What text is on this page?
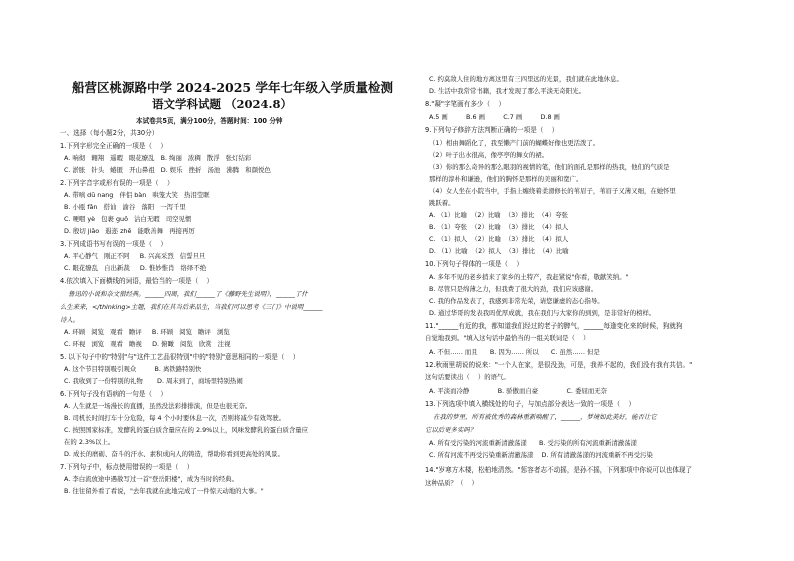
船营区桃源路中学 2024-2025 学年七年级入学质量检测
语文学科试题 （2024.8）
本试卷共5页，满分100分，答题时间：100 分钟
一、选择（每小题2分，共30分）
1.下列字形完全正确的一项是（    ）
A. 响彻   翱翔   遥暇   眼花缭乱   B. 绚丽   浓稠   散浮   张灯结彩
C. 淤胀   针头   蜷匿   开山鼻祖   D. 娱乐   挫折   汤池   沸腾   和颜悦色
2.下列字音字或形有误的一项是（    ）
A. 带嗔 dū nang   伴侣 bàn   哄笼大笑   热泪莹眶
B. 小瓯 fǎn   搭讪   渝谷   落阳   一泻千里
C. 哽咽 yè   包裹 guǒ   沾白无暇   司空见惯
D. 殷切 jiāo   遐迩 zhē   能歌善舞   再接再厉
3.下列成语书写有误的一项是（    ）
A. 平心静气   刚正不阿     B. 兴高采烈   信誓旦旦
C. 眼花缭乱   自出新裁     D. 惟妙惟肖   络绎不绝
4.依次填入下面横线的词语，最恰当的一项是（    ）
鲁迅的小说和杂文很经典。______四周，我们______了《藤野先生说明》，______了什
么生来来，</thinking>主题，我们在其当后来品生，当我们可以思考《三门》中说明______
诗人。
A. 环顾   阅览   观看   瞻评     B. 环顾   阅览   瞻评   浏览
C. 环视   浏览   观看   瞻视     D. 俯瞰   阅览   欣赏   注视
5. 以下句子中的"特别"与"这件工艺品很特别"中的"特别"意思相同的一项是（    ）
A. 这个节目特别吸引观众         B. 离铁路特别快
C. 我收到了一份特别的礼物       D. 周末到了，商场里特别热闹
6.下列句子没有语病的一句是（    ）
A. 人生就是一场漫长的直播，虽然没法彩排排演，但是也很无奈。
B. 司机长时间打车十分危险，每 4 个小时要休息一次，否则将减少有效驾驶。
C. 按照国家标准，发酵乳的蛋白质含量应在的 2.9%以上，风味发酵乳的蛋白质含量应
在的 2.3%以上。
D. 成长的磨砺、奋斗的汗水、素积成向人的铸造，帮助你看到更高处的风景。
7.下列句子中，标点使用错误的一项是（    ）
A. 李白流放途中遇赦写过一首"登岳阳楼"，成为当时的经典。
B. 往往留外看了看说，"去年我就在此地完成了一件惊天动地的大事。"
C. 约莫敌人住的地方离这里有三四里远的光景，我们就在此地休息。
D. 生活中我常常书籍，我才发现了那么平淡无奇阳光。
8."凝"字笔画有多少（    ）
A.5 画         B.6 画         C.7 画         D.8 画
9.下列句子修辞方法判断正确的一项是（    ）
（1）相由舞蹈化了，我至懒产门前的蝴蝶好像也更活泼了。
（2）叶子出水很高，像亭亭的舞女的裙。
（3）你的那么奇异的那么眼羽的视情的笔，他们的面孔是那样的热我，他们的气质是
那样的淳朴和谦逊，他们的胸怀是那样的美丽和宽广。
（4）女人坐在小院当中，手指上缠绕着柔滑修长的苇眉子，苇眉子又薄又细，在她怀里
跳跃着。
A. （1）比喻  （2）比喻  （3）排比  （4）夸张
B. （1）夸张  （2）比喻  （3）排比  （4）拟人
C. （1）拟人  （2）比喻  （3）排比  （4）拟人
D. （1）比喻  （2）拟人  （3）排比  （4）比喻
10.下列句子得体的一项是（    ）
A. 多年不见的老乡捎来了家乡的土特产，我赶紧说"你看，敬献笑纳。"
B. 尽管只是绵薄之力，但我费了很大的劲，我们应该感谢。
C. 我的作品发表了，我感到非常光荣，请您谦虚的态心指导。
D. 通过华哥的发表我吗优厚成就，我在我们与大家你的到到，是非常好的榜样。
11."______有近的我，都知道我们经过的老子的脾气，______每逢变化来的时候，狗就狗
自觉地我到。"填入这句话中最恰当的一组关联词是（    ）
A. 不但…… 而且      B. 因为…… 所以      C. 虽然…… 但是
12.秋雨里胡说的说来："一个人在家，是很没劲，可是，我养不起的，我们没有我有共信。"
这句话要读出（    ）的语气。
A. 平淡而冷静              B. 骄傲而自豪              C. 委屈而无奈
13.下列选项中填入横线处的句子，与加点部分表达一致的一项是（    ）
在我的梦里，所有被优秀的森林重新唤醒了，______，梦境如此美好，能否让它
它以后更多实吗？
A. 所有受污染的河流重新清澈荡漾      B. 受污染的所有河流重新清澈荡漾
C. 所有河流不再受污染重新清澈荡漾    D. 所有清澈荡漾的河流重新不再受污染
14."岁寒方木楼，松柏地清然。"惩容者志不动摇，是孙不摇，下列那项中你说可以也体现了
这种品质？（    ）
